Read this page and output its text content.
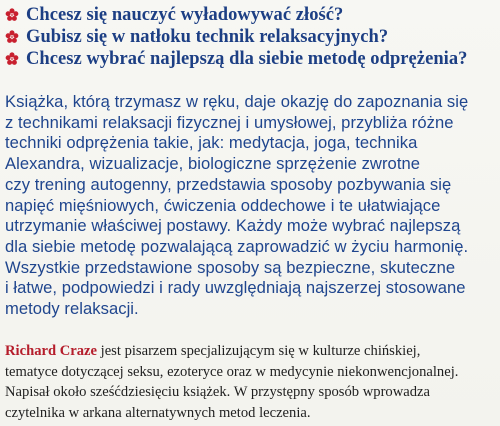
Chcesz się nauczyć wyładowywać złość?
Gubisz się w natłoku technik relaksacyjnych?
Chcesz wybrać najlepszą dla siebie metodę odprężenia?

Książka, którą trzymasz w ręku, daje okazję do zapoznania się
z technikami relaksacji fizycznej i umysłowej, przybliża różne
techniki odprężenia takie, jak: medytacja, joga, technika
Alexandra, wizualizacje, biologiczne sprzężenie zwrotne
czy trening autogenny, przedstawia sposoby pozbywania się
napięć mięśniowych, ćwiczenia oddechowe i te ułatwiające
utrzymanie właściwej postawy. Każdy może wybrać najlepszą
dla siebie metodę pozwalającą zaprowadzić w życiu harmonię.
Wszystkie przedstawione sposoby są bezpieczne, skuteczne
i łatwe, podpowiedzi i rady uwzględniają najszerzej stosowane
metody relaksacji.

Richard Craze jest pisarzem specjalizującym się w kulturze chińskiej,
tematyce dotyczącej seksu, ezoteryce oraz w medycynie niekonwencjonalnej.
Napisał około sześćdziesięciu książek. W przystępny sposób wprowadza
czytelnika w arkana alternatywnych metod leczenia.
